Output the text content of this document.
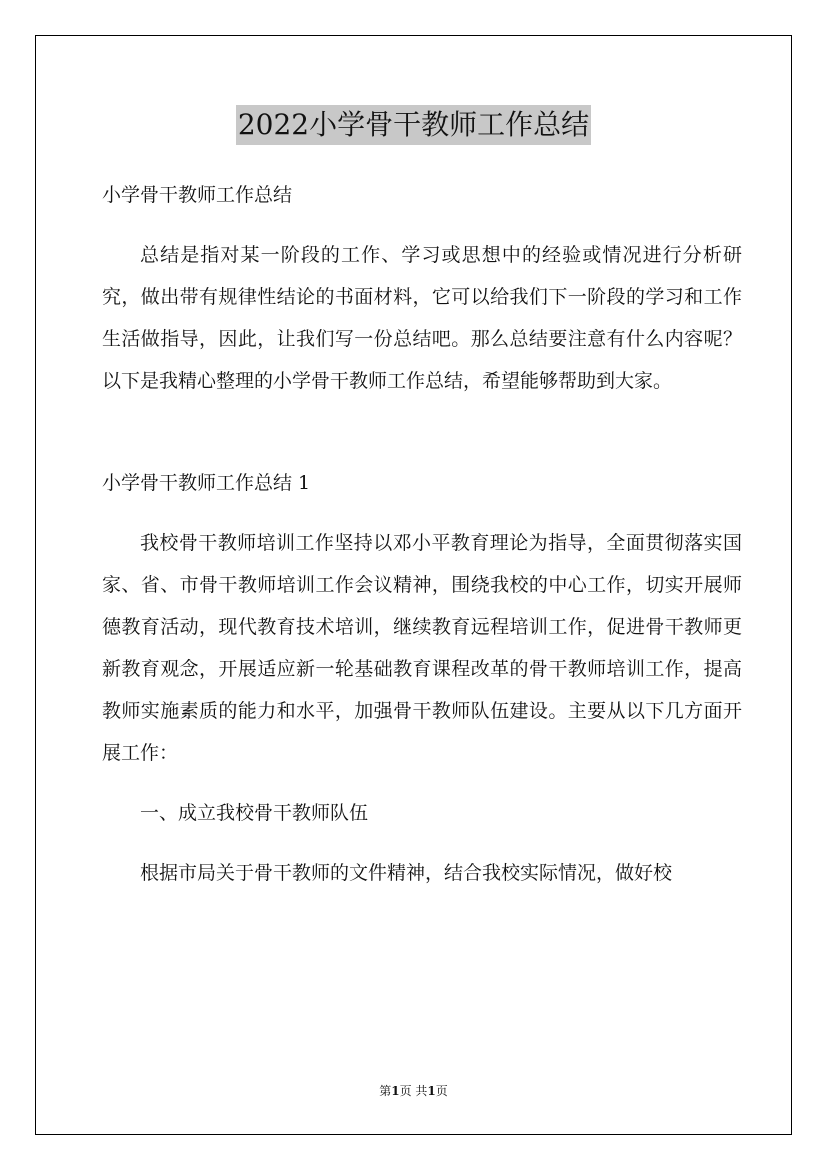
2022小学骨干教师工作总结

小学骨干教师工作总结

总结是指对某一阶段的工作、学习或思想中的经验或情况进行分析研究，做出带有规律性结论的书面材料，它可以给我们下一阶段的学习和工作生活做指导，因此，让我们写一份总结吧。那么总结要注意有什么内容呢？以下是我精心整理的小学骨干教师工作总结，希望能够帮助到大家。

小学骨干教师工作总结 1

我校骨干教师培训工作坚持以邓小平教育理论为指导，全面贯彻落实国家、省、市骨干教师培训工作会议精神，围绕我校的中心工作，切实开展师德教育活动，现代教育技术培训，继续教育远程培训工作，促进骨干教师更新教育观念，开展适应新一轮基础教育课程改革的骨干教师培训工作，提高教师实施素质的能力和水平，加强骨干教师队伍建设。主要从以下几方面开展工作：

一、成立我校骨干教师队伍

根据市局关于骨干教师的文件精神，结合我校实际情况，做好校

第1页 共1页
